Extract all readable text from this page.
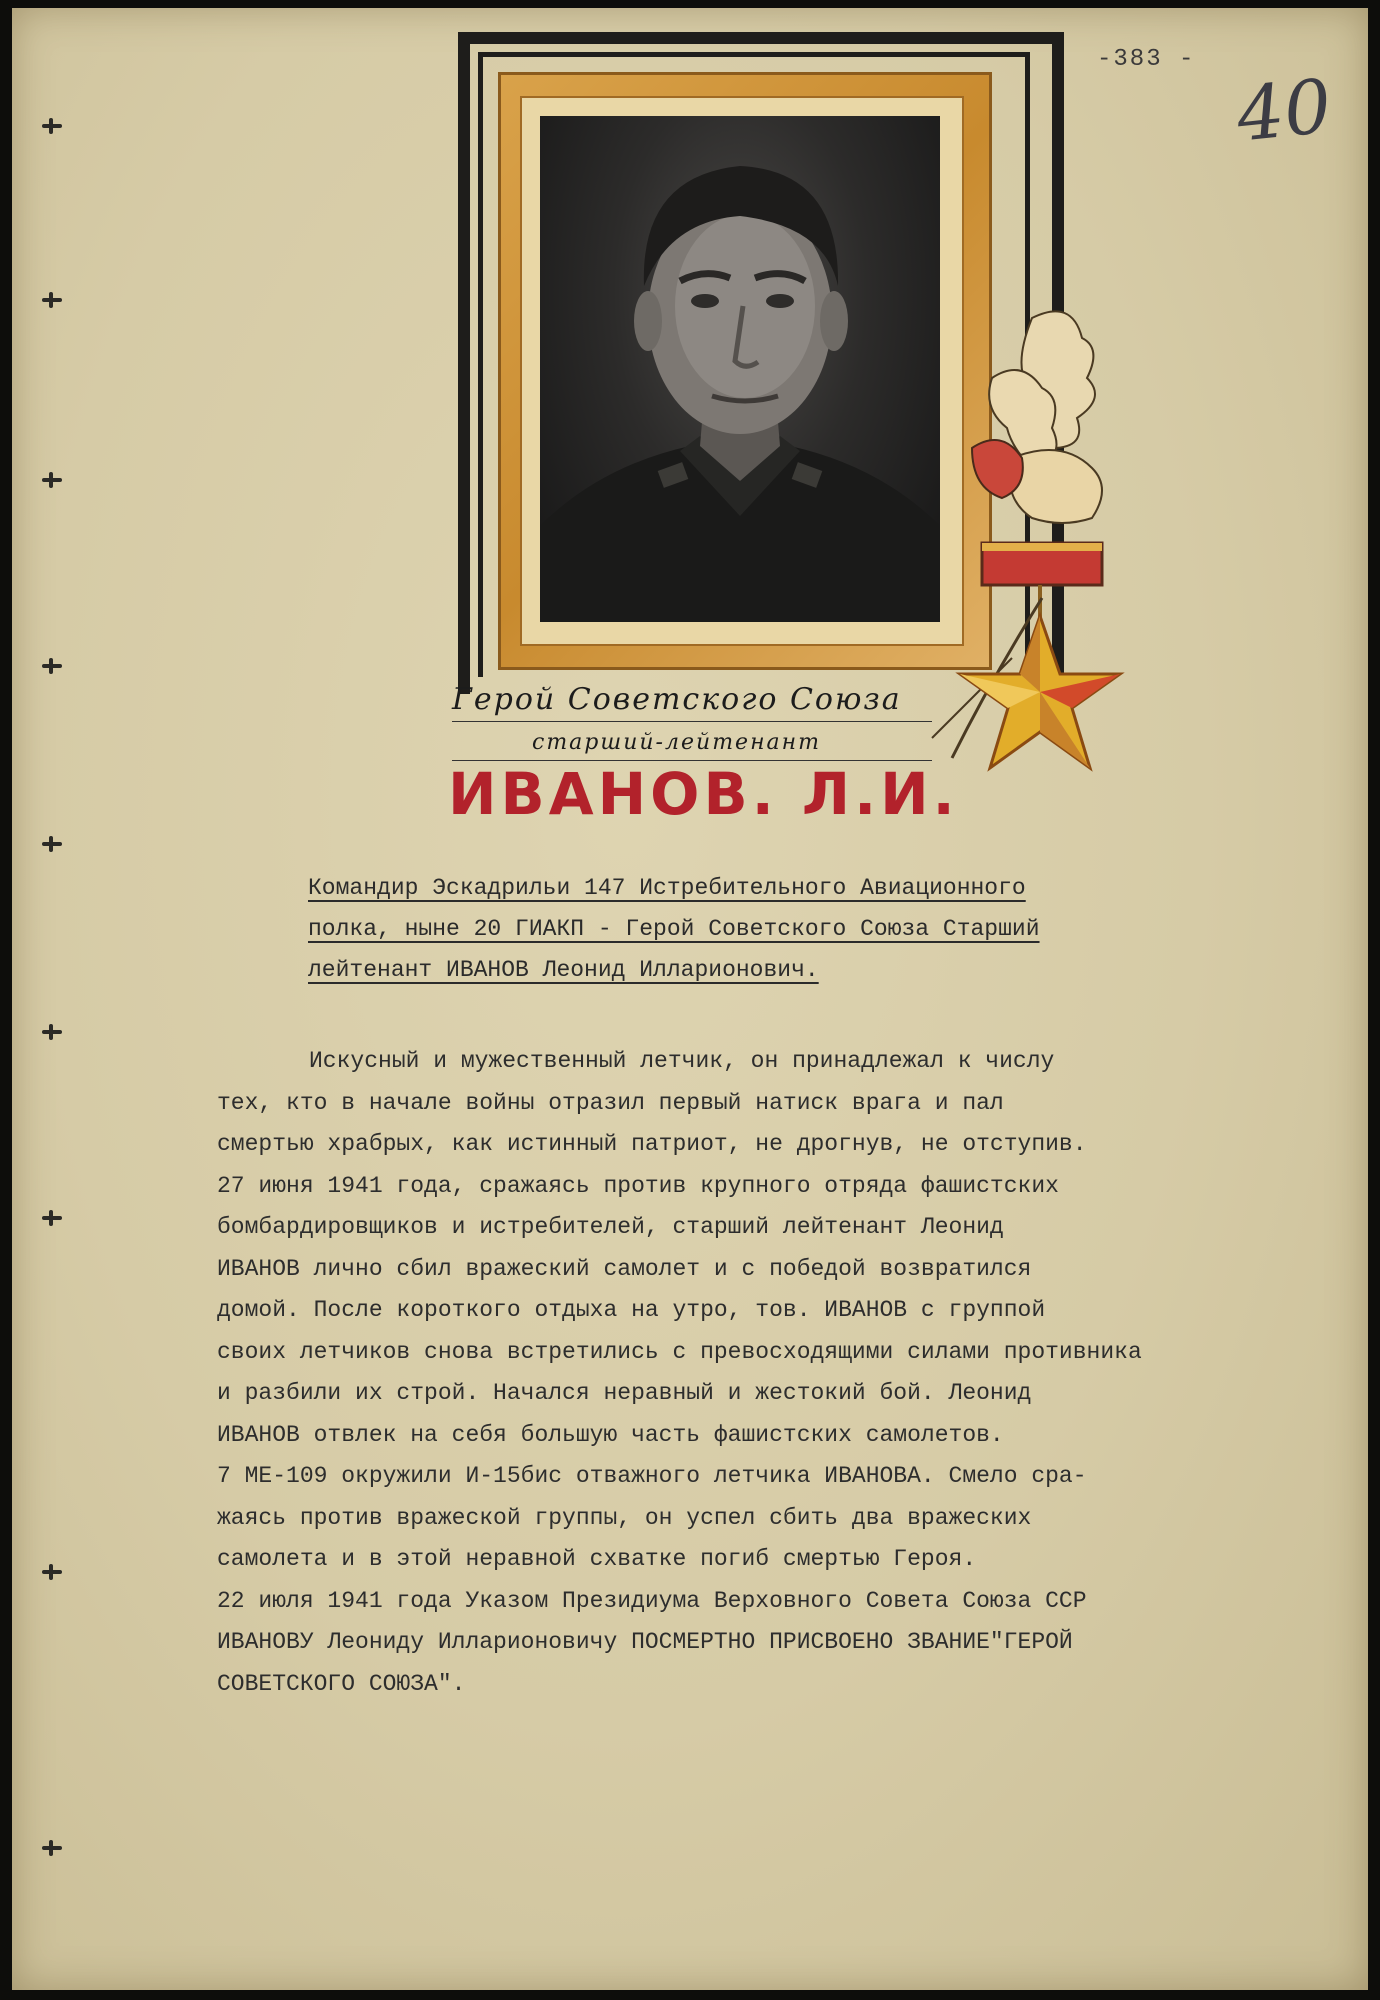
-383 -
40
Герой Советского Союза
старший-лейтенант
ИВАНОВ. Л.И.
Командир Эскадрильи 147 Истребительного Авиационного
полка, ныне 20 ГИАКП - Герой Советского Союза Старший
лейтенант ИВАНОВ Леонид Илларионович.
Искусный и мужественный летчик, он принадлежал к числу
тех, кто в начале войны отразил первый натиск врага и пал
смертью храбрых, как истинный патриот, не дрогнув, не отступив.
27 июня 1941 года, сражаясь против крупного отряда фашистских
бомбардировщиков и истребителей, старший лейтенант Леонид
ИВАНОВ лично сбил вражеский самолет и с победой возвратился
домой. После короткого отдыха на утро, тов. ИВАНОВ с группой
своих летчиков снова встретились с превосходящими силами противника
и разбили их строй. Начался неравный и жестокий бой. Леонид
ИВАНОВ отвлек на себя большую часть фашистских самолетов.
7 МЕ-109 окружили И-15бис отважного летчика ИВАНОВА. Смело сра-
жаясь против вражеской группы, он успел сбить два вражеских
самолета и в этой неравной схватке погиб смертью Героя.
22 июля 1941 года Указом Президиума Верховного Совета Союза ССР
ИВАНОВУ Леониду Илларионовичу ПОСМЕРТНО ПРИСВОЕНО ЗВАНИЕ"ГЕРОЙ
СОВЕТСКОГО СОЮЗА".
